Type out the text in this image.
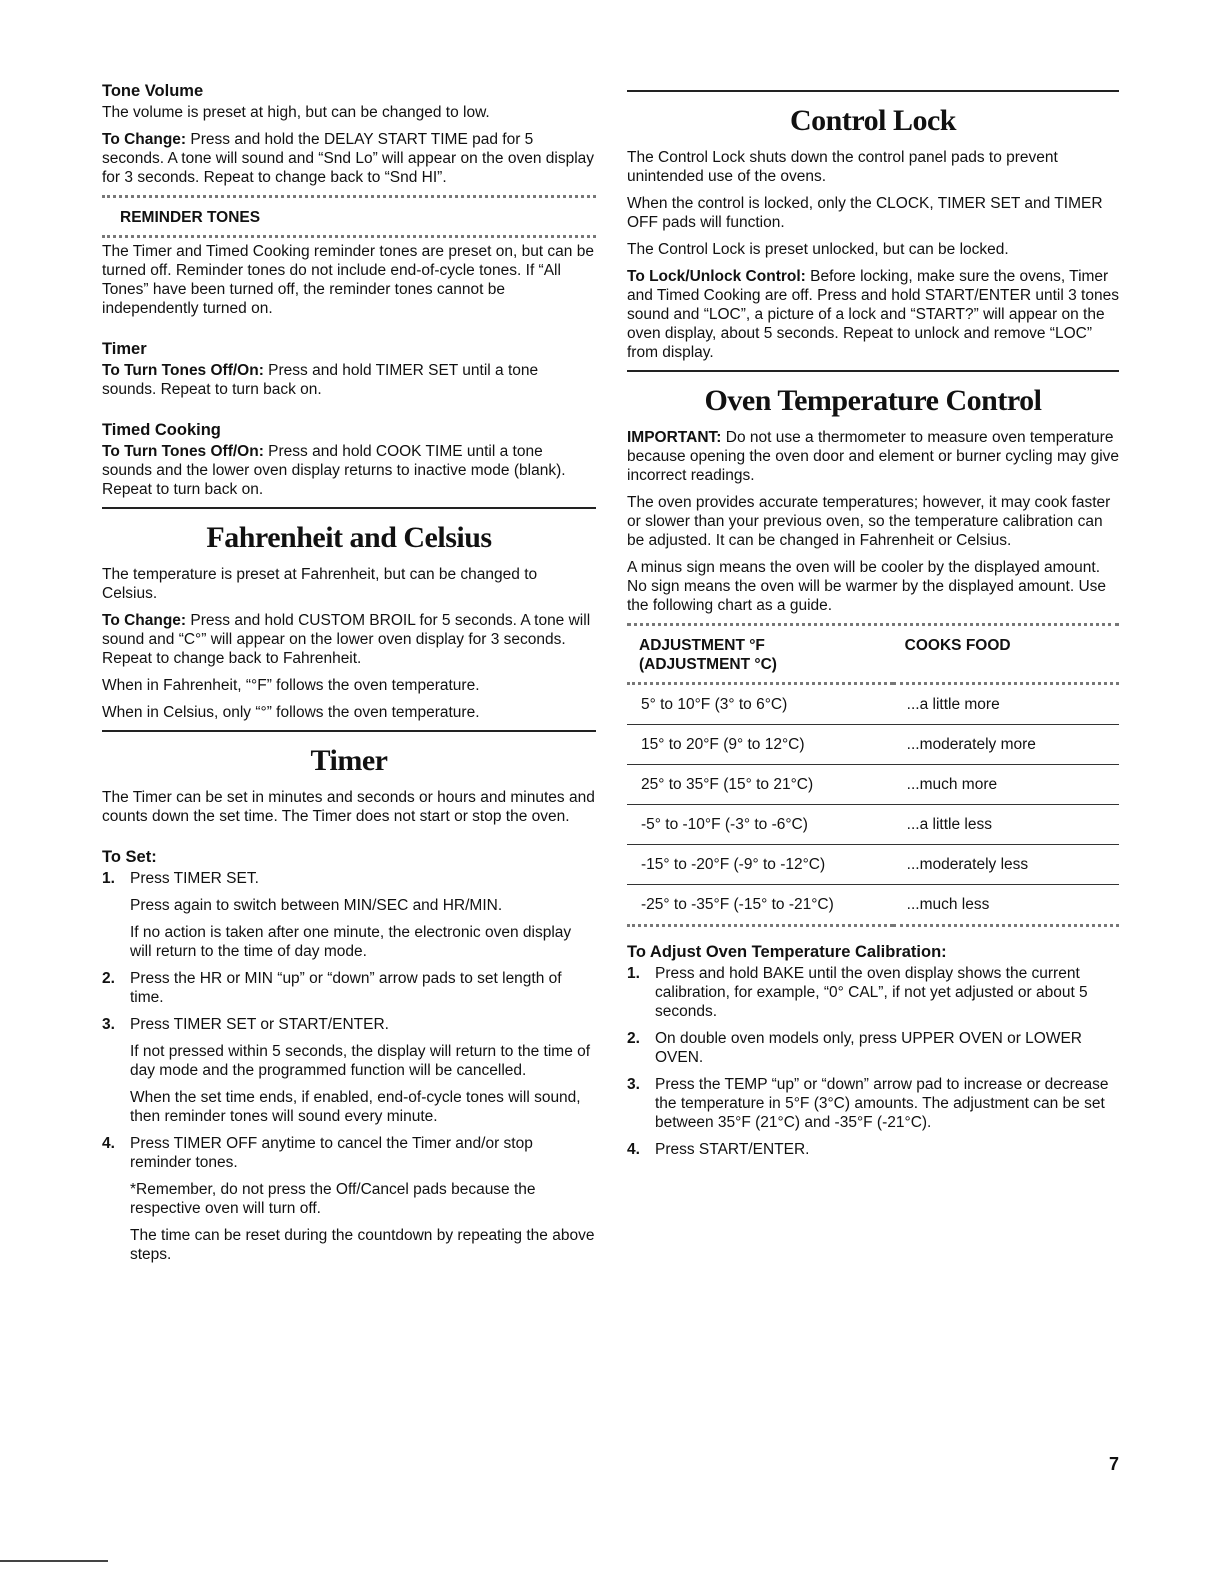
Tone Volume

The volume is preset at high, but can be changed to low.

To Change: Press and hold the DELAY START TIME pad for 5 seconds. A tone will sound and “Snd Lo” will appear on the oven display for 3 seconds. Repeat to change back to “Snd HI”.

REMINDER TONES

The Timer and Timed Cooking reminder tones are preset on, but can be turned off. Reminder tones do not include end-of-cycle tones. If “All Tones” have been turned off, the reminder tones cannot be independently turned on.

Timer

To Turn Tones Off/On: Press and hold TIMER SET until a tone sounds. Repeat to turn back on.

Timed Cooking

To Turn Tones Off/On: Press and hold COOK TIME until a tone sounds and the lower oven display returns to inactive mode (blank). Repeat to turn back on.

Fahrenheit and Celsius

The temperature is preset at Fahrenheit, but can be changed to Celsius.

To Change: Press and hold CUSTOM BROIL for 5 seconds. A tone will sound and “C°” will appear on the lower oven display for 3 seconds. Repeat to change back to Fahrenheit.

When in Fahrenheit, “°F” follows the oven temperature.

When in Celsius, only “°” follows the oven temperature.

Timer

The Timer can be set in minutes and seconds or hours and minutes and counts down the set time. The Timer does not start or stop the oven.

To Set:
1. Press TIMER SET.

Press again to switch between MIN/SEC and HR/MIN.

If no action is taken after one minute, the electronic oven display will return to the time of day mode.

2. Press the HR or MIN “up” or “down” arrow pads to set length of time.

3. Press TIMER SET or START/ENTER.

If not pressed within 5 seconds, the display will return to the time of day mode and the programmed function will be cancelled.

When the set time ends, if enabled, end-of-cycle tones will sound, then reminder tones will sound every minute.

4. Press TIMER OFF anytime to cancel the Timer and/or stop reminder tones.

*Remember, do not press the Off/Cancel pads because the respective oven will turn off.

The time can be reset during the countdown by repeating the above steps.

Control Lock

The Control Lock shuts down the control panel pads to prevent unintended use of the ovens.

When the control is locked, only the CLOCK, TIMER SET and TIMER OFF pads will function.

The Control Lock is preset unlocked, but can be locked.

To Lock/Unlock Control: Before locking, make sure the ovens, Timer and Timed Cooking are off. Press and hold START/ENTER until 3 tones sound and “LOC”, a picture of a lock and “START?” will appear on the oven display, about 5 seconds. Repeat to unlock and remove “LOC” from display.

Oven Temperature Control

IMPORTANT: Do not use a thermometer to measure oven temperature because opening the oven door and element or burner cycling may give incorrect readings.

The oven provides accurate temperatures; however, it may cook faster or slower than your previous oven, so the temperature calibration can be adjusted. It can be changed in Fahrenheit or Celsius.

A minus sign means the oven will be cooler by the displayed amount. No sign means the oven will be warmer by the displayed amount. Use the following chart as a guide.

ADJUSTMENT °F
(ADJUSTMENT °C)	COOKS FOOD
5° to 10°F (3° to 6°C)	...a little more
15° to 20°F (9° to 12°C)	...moderately more
25° to 35°F (15° to 21°C)	...much more
-5° to -10°F (-3° to -6°C)	...a little less
-15° to -20°F (-9° to -12°C)	...moderately less
-25° to -35°F (-15° to -21°C)	...much less
To Adjust Oven Temperature Calibration:
1. Press and hold BAKE until the oven display shows the current calibration, for example, “0° CAL”, if not yet adjusted or about 5 seconds.

2. On double oven models only, press UPPER OVEN or LOWER OVEN.

3. Press the TEMP “up” or “down” arrow pad to increase or decrease the temperature in 5°F (3°C) amounts. The adjustment can be set between 35°F (21°C) and -35°F (-21°C).

4. Press START/ENTER.

7
